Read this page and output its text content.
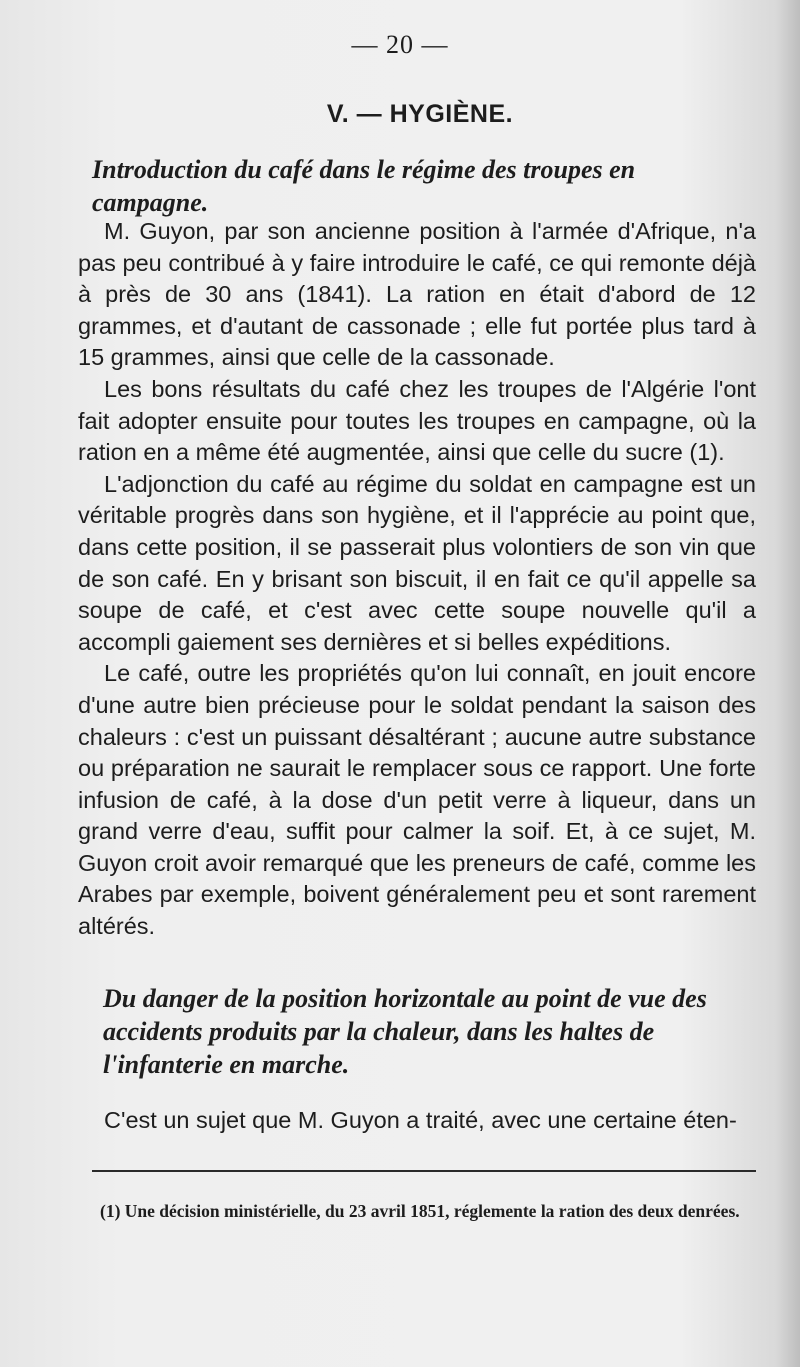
— 20 —
V. — HYGIÈNE.
Introduction du café dans le régime des troupes en campagne.

M. Guyon, par son ancienne position à l'armée d'Afrique, n'a pas peu contribué à y faire introduire le café, ce qui remonte déjà à près de 30 ans (1841). La ration en était d'abord de 12 grammes, et d'autant de cassonade ; elle fut portée plus tard à 15 grammes, ainsi que celle de la cassonade.

Les bons résultats du café chez les troupes de l'Algérie l'ont fait adopter ensuite pour toutes les troupes en campagne, où la ration en a même été augmentée, ainsi que celle du sucre (1).

L'adjonction du café au régime du soldat en campagne est un véritable progrès dans son hygiène, et il l'apprécie au point que, dans cette position, il se passerait plus volontiers de son vin que de son café. En y brisant son biscuit, il en fait ce qu'il appelle sa soupe de café, et c'est avec cette soupe nouvelle qu'il a accompli gaiement ses dernières et si belles expéditions.

Le café, outre les propriétés qu'on lui connaît, en jouit encore d'une autre bien précieuse pour le soldat pendant la saison des chaleurs : c'est un puissant désaltérant ; aucune autre substance ou préparation ne saurait le remplacer sous ce rapport. Une forte infusion de café, à la dose d'un petit verre à liqueur, dans un grand verre d'eau, suffit pour calmer la soif. Et, à ce sujet, M. Guyon croit avoir remarqué que les preneurs de café, comme les Arabes par exemple, boivent généralement peu et sont rarement altérés.

Du danger de la position horizontale au point de vue des accidents produits par la chaleur, dans les haltes de l'infanterie en marche.

C'est un sujet que M. Guyon a traité, avec une certaine éten-

(1) Une décision ministérielle, du 23 avril 1851, réglemente la ration des deux denrées.
